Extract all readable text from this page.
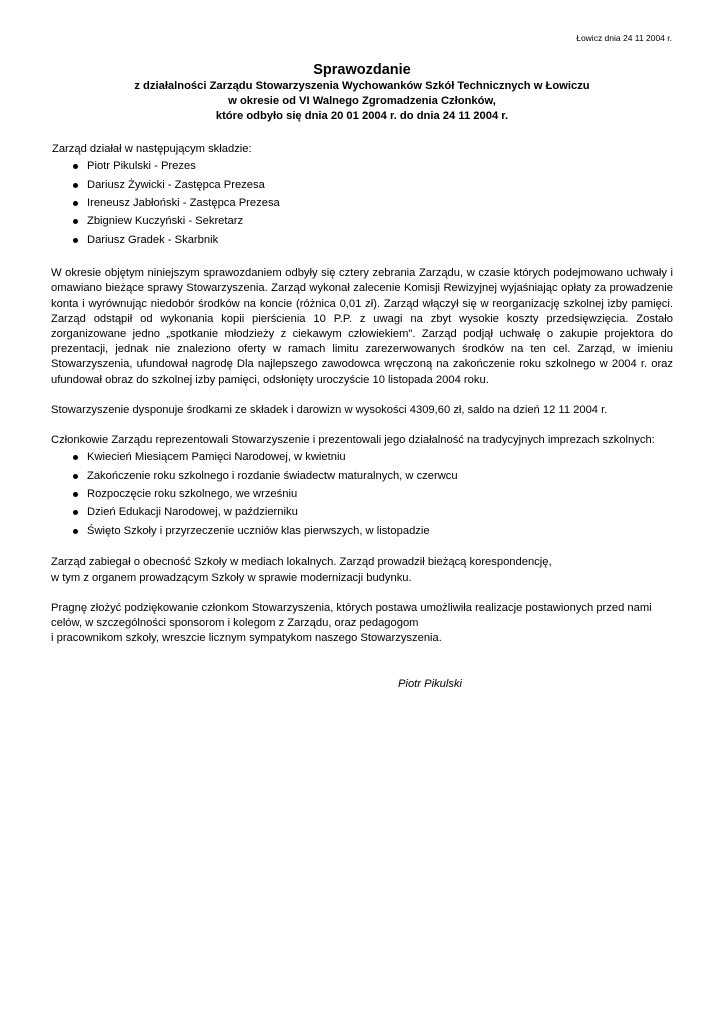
Łowicz dnia 24 11 2004 r.
Sprawozdanie
z działalności Zarządu Stowarzyszenia Wychowanków Szkół Technicznych w Łowiczu
w okresie od VI Walnego Zgromadzenia Członków,
które odbyło się dnia 20 01 2004 r. do dnia 24 11 2004 r.

Zarząd działał w następującym składzie:

Piotr Pikulski - Prezes
Dariusz Żywicki - Zastępca Prezesa
Ireneusz Jabłoński - Zastępca Prezesa
Zbigniew Kuczyński - Sekretarz
Dariusz Gradek - Skarbnik

W okresie objętym niniejszym sprawozdaniem odbyły się cztery zebrania Zarządu, w czasie których podejmowano uchwały i omawiano bieżące sprawy Stowarzyszenia. Zarząd wykonał zalecenie Komisji Rewizyjnej wyjaśniając opłaty za prowadzenie konta i wyrównując niedobór środków na koncie (różnica 0,01 zł). Zarząd włączył się w reorganizację szkolnej izby pamięci. Zarząd odstąpił od wykonania kopii pierścienia 10 P.P. z uwagi na zbyt wysokie koszty przedsięwzięcia. Zostało zorganizowane jedno „spotkanie młodzieży z ciekawym człowiekiem". Zarząd podjął uchwałę o zakupie projektora do prezentacji, jednak nie znaleziono oferty w ramach limitu zarezerwowanych środków na ten cel. Zarząd, w imieniu Stowarzyszenia, ufundował nagrodę Dla najlepszego zawodowca wręczoną na zakończenie roku szkolnego w 2004 r. oraz ufundował obraz do szkolnej izby pamięci, odsłonięty uroczyście 10 listopada 2004 roku.

Stowarzyszenie dysponuje środkami ze składek i darowizn w wysokości 4309,60 zł, saldo na dzień 12 11 2004 r.

Członkowie Zarządu reprezentowali Stowarzyszenie i prezentowali jego działalność na tradycyjnych imprezach szkolnych:

Kwiecień Miesiącem Pamięci Narodowej, w kwietniu
Zakończenie roku szkolnego i rozdanie świadectw maturalnych, w czerwcu
Rozpoczęcie roku szkolnego, we wrześniu
Dzień Edukacji Narodowej, w październiku
Święto Szkoły i przyrzeczenie uczniów klas pierwszych, w listopadzie

Zarząd zabiegał o obecność Szkoły w mediach lokalnych. Zarząd prowadził bieżącą korespondencję,
w tym z organem prowadzącym Szkoły w sprawie modernizacji budynku.

Pragnę złożyć podziękowanie członkom Stowarzyszenia, których postawa umożliwiła realizacje postawionych przed nami celów, w szczególności sponsorom i kolegom z Zarządu, oraz pedagogom
i pracownikom szkoły, wreszcie licznym sympatykom naszego Stowarzyszenia.

Piotr Pikulski
